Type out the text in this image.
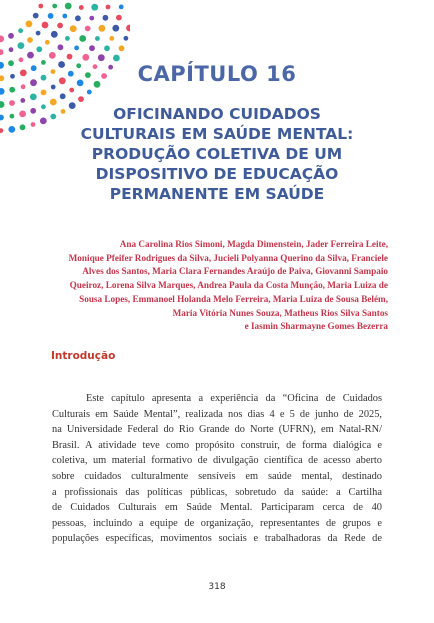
CAPÍTULO 16
OFICINANDO CUIDADOS
CULTURAIS EM SAÚDE MENTAL:
PRODUÇÃO COLETIVA DE UM
DISPOSITIVO DE EDUCAÇÃO
PERMANENTE EM SAÚDE
Ana Carolina Rios Simoni, Magda Dimenstein, Jader Ferreira Leite,
Monique Pfeifer Rodrigues da Silva, Jucieli Polyanna Querino da Silva, Franciele
Alves dos Santos, Maria Clara Fernandes Araújo de Paiva, Giovanni Sampaio
Queiroz, Lorena Silva Marques, Andrea Paula da Costa Munção, Maria Luiza de
Sousa Lopes, Emmanoel Holanda Melo Ferreira, Maria Luiza de Sousa Belém,
Maria Vitória Nunes Souza, Matheus Rios Silva Santos
e Iasmin Sharmayne Gomes Bezerra
Introdução
Este capítulo apresenta a experiência da “Oficina de Cuidados
Culturais em Saúde Mental”, realizada nos dias 4 e 5 de junho de 2025,
na Universidade Federal do Rio Grande do Norte (UFRN), em Natal-RN/
Brasil. A atividade teve como propósito construir, de forma dialógica e
coletiva, um material formativo de divulgação científica de acesso aberto
sobre cuidados culturalmente sensíveis em saúde mental, destinado
a profissionais das políticas públicas, sobretudo da saúde: a Cartilha
de Cuidados Culturais em Saúde Mental. Participaram cerca de 40
pessoas, incluindo a equipe de organização, representantes de grupos e
populações específicas, movimentos sociais e trabalhadoras da Rede de
318
